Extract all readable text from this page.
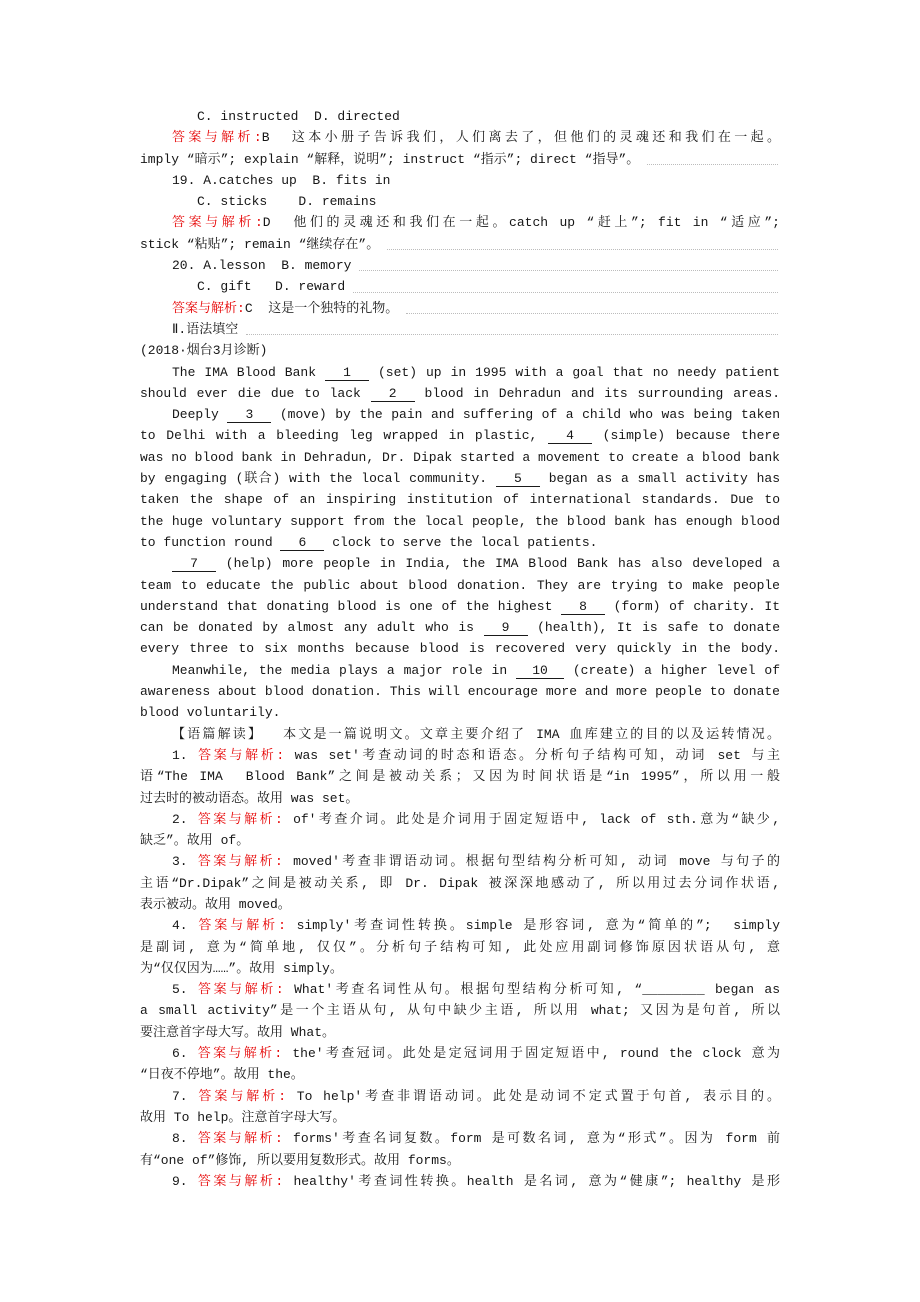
C. instructed  D. directed
答案与解析:B  这本小册子告诉我们，人们离去了，但他们的灵魂还和我们在一起。
imply “暗示”; explain “解释，说明”; instruct “指示”; direct “指导”。
19. A.catches up  B. fits in
C. sticks    D. remains
答案与解析:D  他们的灵魂还和我们在一起。catch up “赶上”; fit in “适应”;
stick “粘贴”; remain “继续存在”。
20. A.lesson  B. memory
C. gift   D. reward
答案与解析:C  这是一个独特的礼物。
Ⅱ.语法填空
(2018·烟台3月诊断)
The IMA Blood Bank 1 (set) up in 1995 with a goal that no needy patient
should ever die due to lack 2 blood in Dehradun and its surrounding areas.
Deeply 3 (move) by the pain and suffering of a child who was being taken
to Delhi with a bleeding leg wrapped in plastic, 4 (simple) because there
was no blood bank in Dehradun, Dr. Dipak started a movement to create a blood bank
by engaging (联合) with the local community. 5 began as a small activity has
taken the shape of an inspiring institution of international standards. Due to
the huge voluntary support from the local people, the blood bank has enough blood
to function round 6 clock to serve the local patients.
7 (help) more people in India, the IMA Blood Bank has also developed a
team to educate the public about blood donation. They are trying to make people
understand that donating blood is one of the highest 8 (form) of charity. It
can be donated by almost any adult who is 9 (health), It is safe to donate
every three to six months because blood is recovered very quickly in the body.
Meanwhile, the media plays a major role in 10 (create) a higher level of
awareness about blood donation. This will encourage more and more people to donate
blood voluntarily.
【语篇解读】  本文是一篇说明文。文章主要介绍了 IMA 血库建立的目的以及运转情况。
1. 答案与解析: was set'考查动词的时态和语态。分析句子结构可知，动词 set 与主
语“The IMA  Blood Bank”之间是被动关系；又因为时间状语是“in 1995”，所以用一般
过去时的被动语态。故用 was set。
2. 答案与解析: of'考查介词。此处是介词用于固定短语中, lack of sth.意为“缺少,
缺乏”。故用 of。
3. 答案与解析: moved'考查非谓语动词。根据句型结构分析可知, 动词 move 与句子的
主语“Dr.Dipak”之间是被动关系, 即 Dr. Dipak 被深深地感动了, 所以用过去分词作状语,
表示被动。故用 moved。
4. 答案与解析: simply'考查词性转换。simple 是形容词, 意为“简单的”;  simply
是副词, 意为“简单地, 仅仅”。分析句子结构可知, 此处应用副词修饰原因状语从句, 意
为“仅仅因为……”。故用 simply。
5. 答案与解析: What'考查名词性从句。根据句型结构分析可知, “________ began as
a small activity”是一个主语从句, 从句中缺少主语, 所以用 what; 又因为是句首, 所以
要注意首字母大写。故用 What。
6. 答案与解析: the'考查冠词。此处是定冠词用于固定短语中, round the clock 意为
“日夜不停地”。故用 the。
7. 答案与解析: To help'考查非谓语动词。此处是动词不定式置于句首, 表示目的。
故用 To help。注意首字母大写。
8. 答案与解析: forms'考查名词复数。form 是可数名词, 意为“形式”。因为 form 前
有“one of”修饰, 所以要用复数形式。故用 forms。
9. 答案与解析: healthy'考查词性转换。health 是名词, 意为“健康”; healthy 是形
